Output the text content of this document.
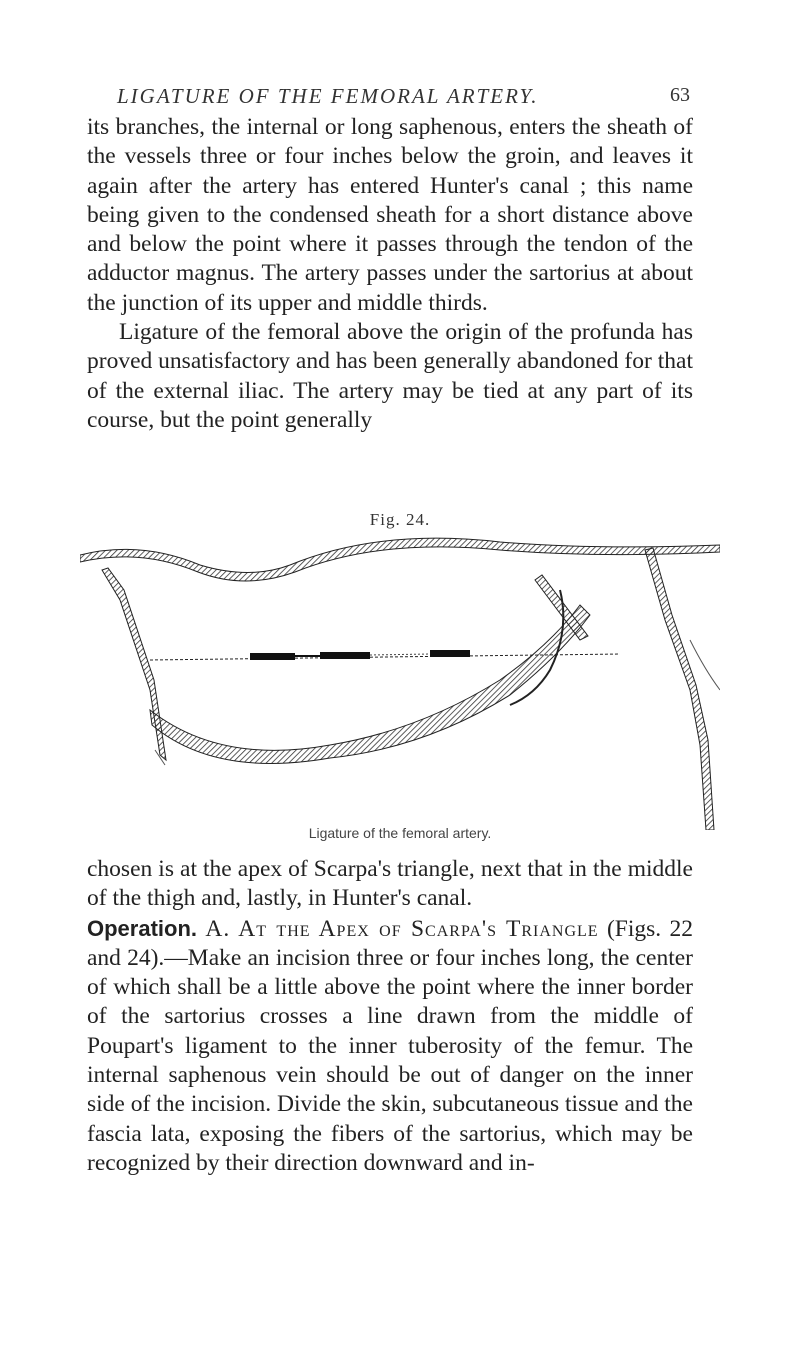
LIGATURE OF THE FEMORAL ARTERY.	63

its branches, the internal or long saphenous, enters the sheath of the vessels three or four inches below the groin, and leaves it again after the artery has entered Hunter's canal ; this name being given to the condensed sheath for a short distance above and below the point where it passes through the tendon of the adductor magnus. The artery passes under the sartorius at about the junction of its upper and middle thirds.

Ligature of the femoral above the origin of the profunda has proved unsatisfactory and has been generally abandoned for that of the external iliac. The artery may be tied at any part of its course, but the point generally

Fig. 24.
Ligature of the femoral artery.

chosen is at the apex of Scarpa's triangle, next that in the middle of the thigh and, lastly, in Hunter's canal.
Operation. A. At the Apex of Scarpa's Triangle (Figs. 22 and 24).—Make an incision three or four inches long, the center of which shall be a little above the point where the inner border of the sartorius crosses a line drawn from the middle of Poupart's ligament to the inner tuberosity of the femur. The internal saphenous vein should be out of danger on the inner side of the incision. Divide the skin, subcutaneous tissue and the fascia lata, exposing the fibers of the sartorius, which may be recognized by their direction downward and in-
